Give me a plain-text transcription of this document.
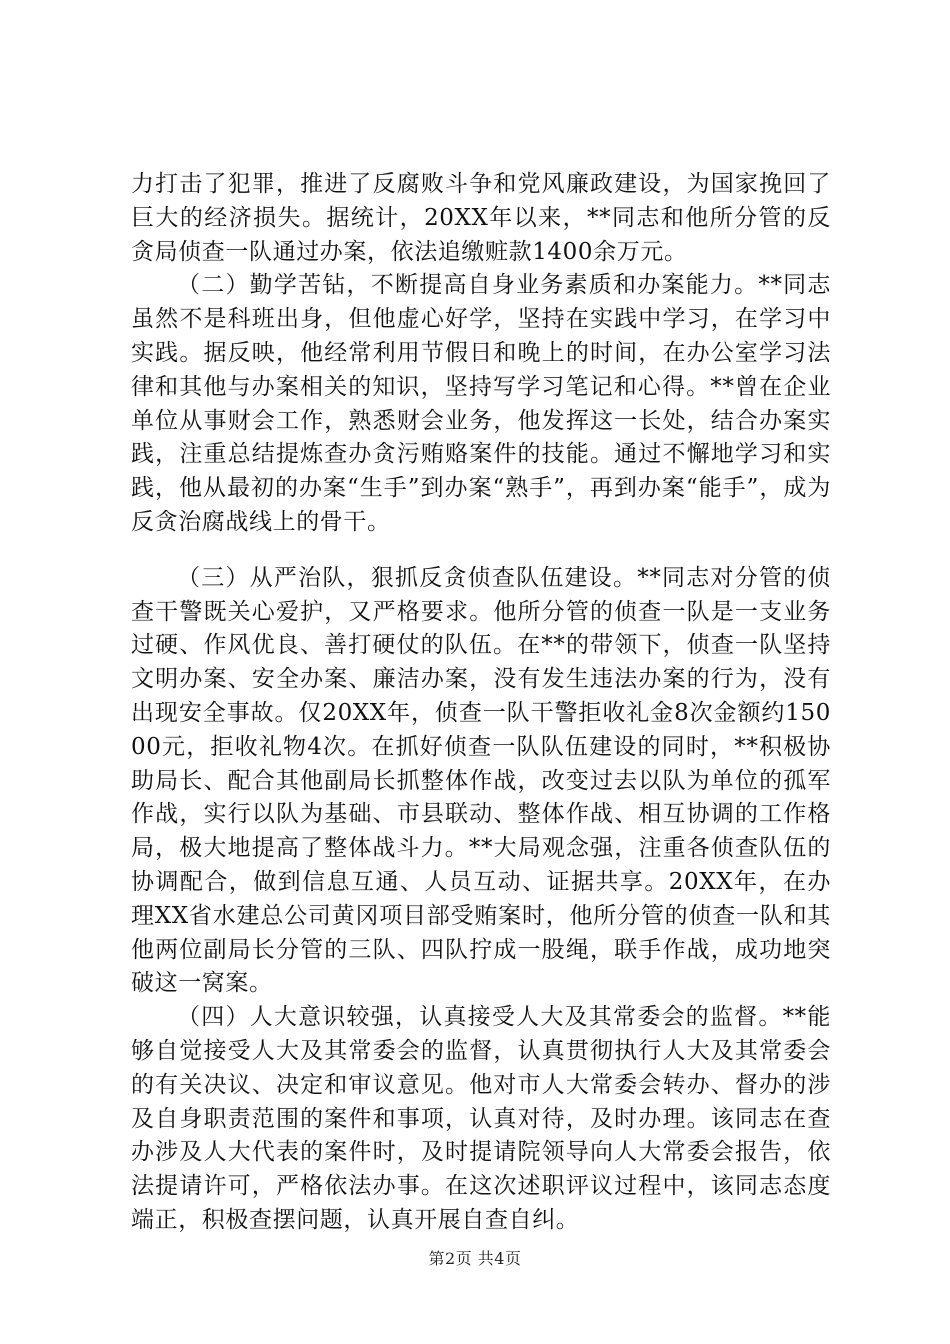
力打击了犯罪，推进了反腐败斗争和党风廉政建设，为国家挽回了巨大的经济损失。据统计，20XX年以来，**同志和他所分管的反贪局侦查一队通过办案，依法追缴赃款1400余万元。

（二）勤学苦钻，不断提高自身业务素质和办案能力。**同志虽然不是科班出身，但他虚心好学，坚持在实践中学习，在学习中实践。据反映，他经常利用节假日和晚上的时间，在办公室学习法律和其他与办案相关的知识，坚持写学习笔记和心得。**曾在企业单位从事财会工作，熟悉财会业务，他发挥这一长处，结合办案实践，注重总结提炼查办贪污贿赂案件的技能。通过不懈地学习和实践，他从最初的办案“生手”到办案“熟手”，再到办案“能手”，成为反贪治腐战线上的骨干。

（三）从严治队，狠抓反贪侦查队伍建设。**同志对分管的侦查干警既关心爱护，又严格要求。他所分管的侦查一队是一支业务过硬、作风优良、善打硬仗的队伍。在**的带领下，侦查一队坚持文明办案、安全办案、廉洁办案，没有发生违法办案的行为，没有出现安全事故。仅20XX年，侦查一队干警拒收礼金8次金额约15000元，拒收礼物4次。在抓好侦查一队队伍建设的同时，**积极协助局长、配合其他副局长抓整体作战，改变过去以队为单位的孤军作战，实行以队为基础、市县联动、整体作战、相互协调的工作格局，极大地提高了整体战斗力。**大局观念强，注重各侦查队伍的协调配合，做到信息互通、人员互动、证据共享。20XX年，在办理XX省水建总公司黄冈项目部受贿案时，他所分管的侦查一队和其他两位副局长分管的三队、四队拧成一股绳，联手作战，成功地突破这一窝案。

（四）人大意识较强，认真接受人大及其常委会的监督。**能够自觉接受人大及其常委会的监督，认真贯彻执行人大及其常委会的有关决议、决定和审议意见。他对市人大常委会转办、督办的涉及自身职责范围的案件和事项，认真对待，及时办理。该同志在查办涉及人大代表的案件时，及时提请院领导向人大常委会报告，依法提请许可，严格依法办事。在这次述职评议过程中，该同志态度端正，积极查摆问题，认真开展自查自纠。

第2页 共4页
